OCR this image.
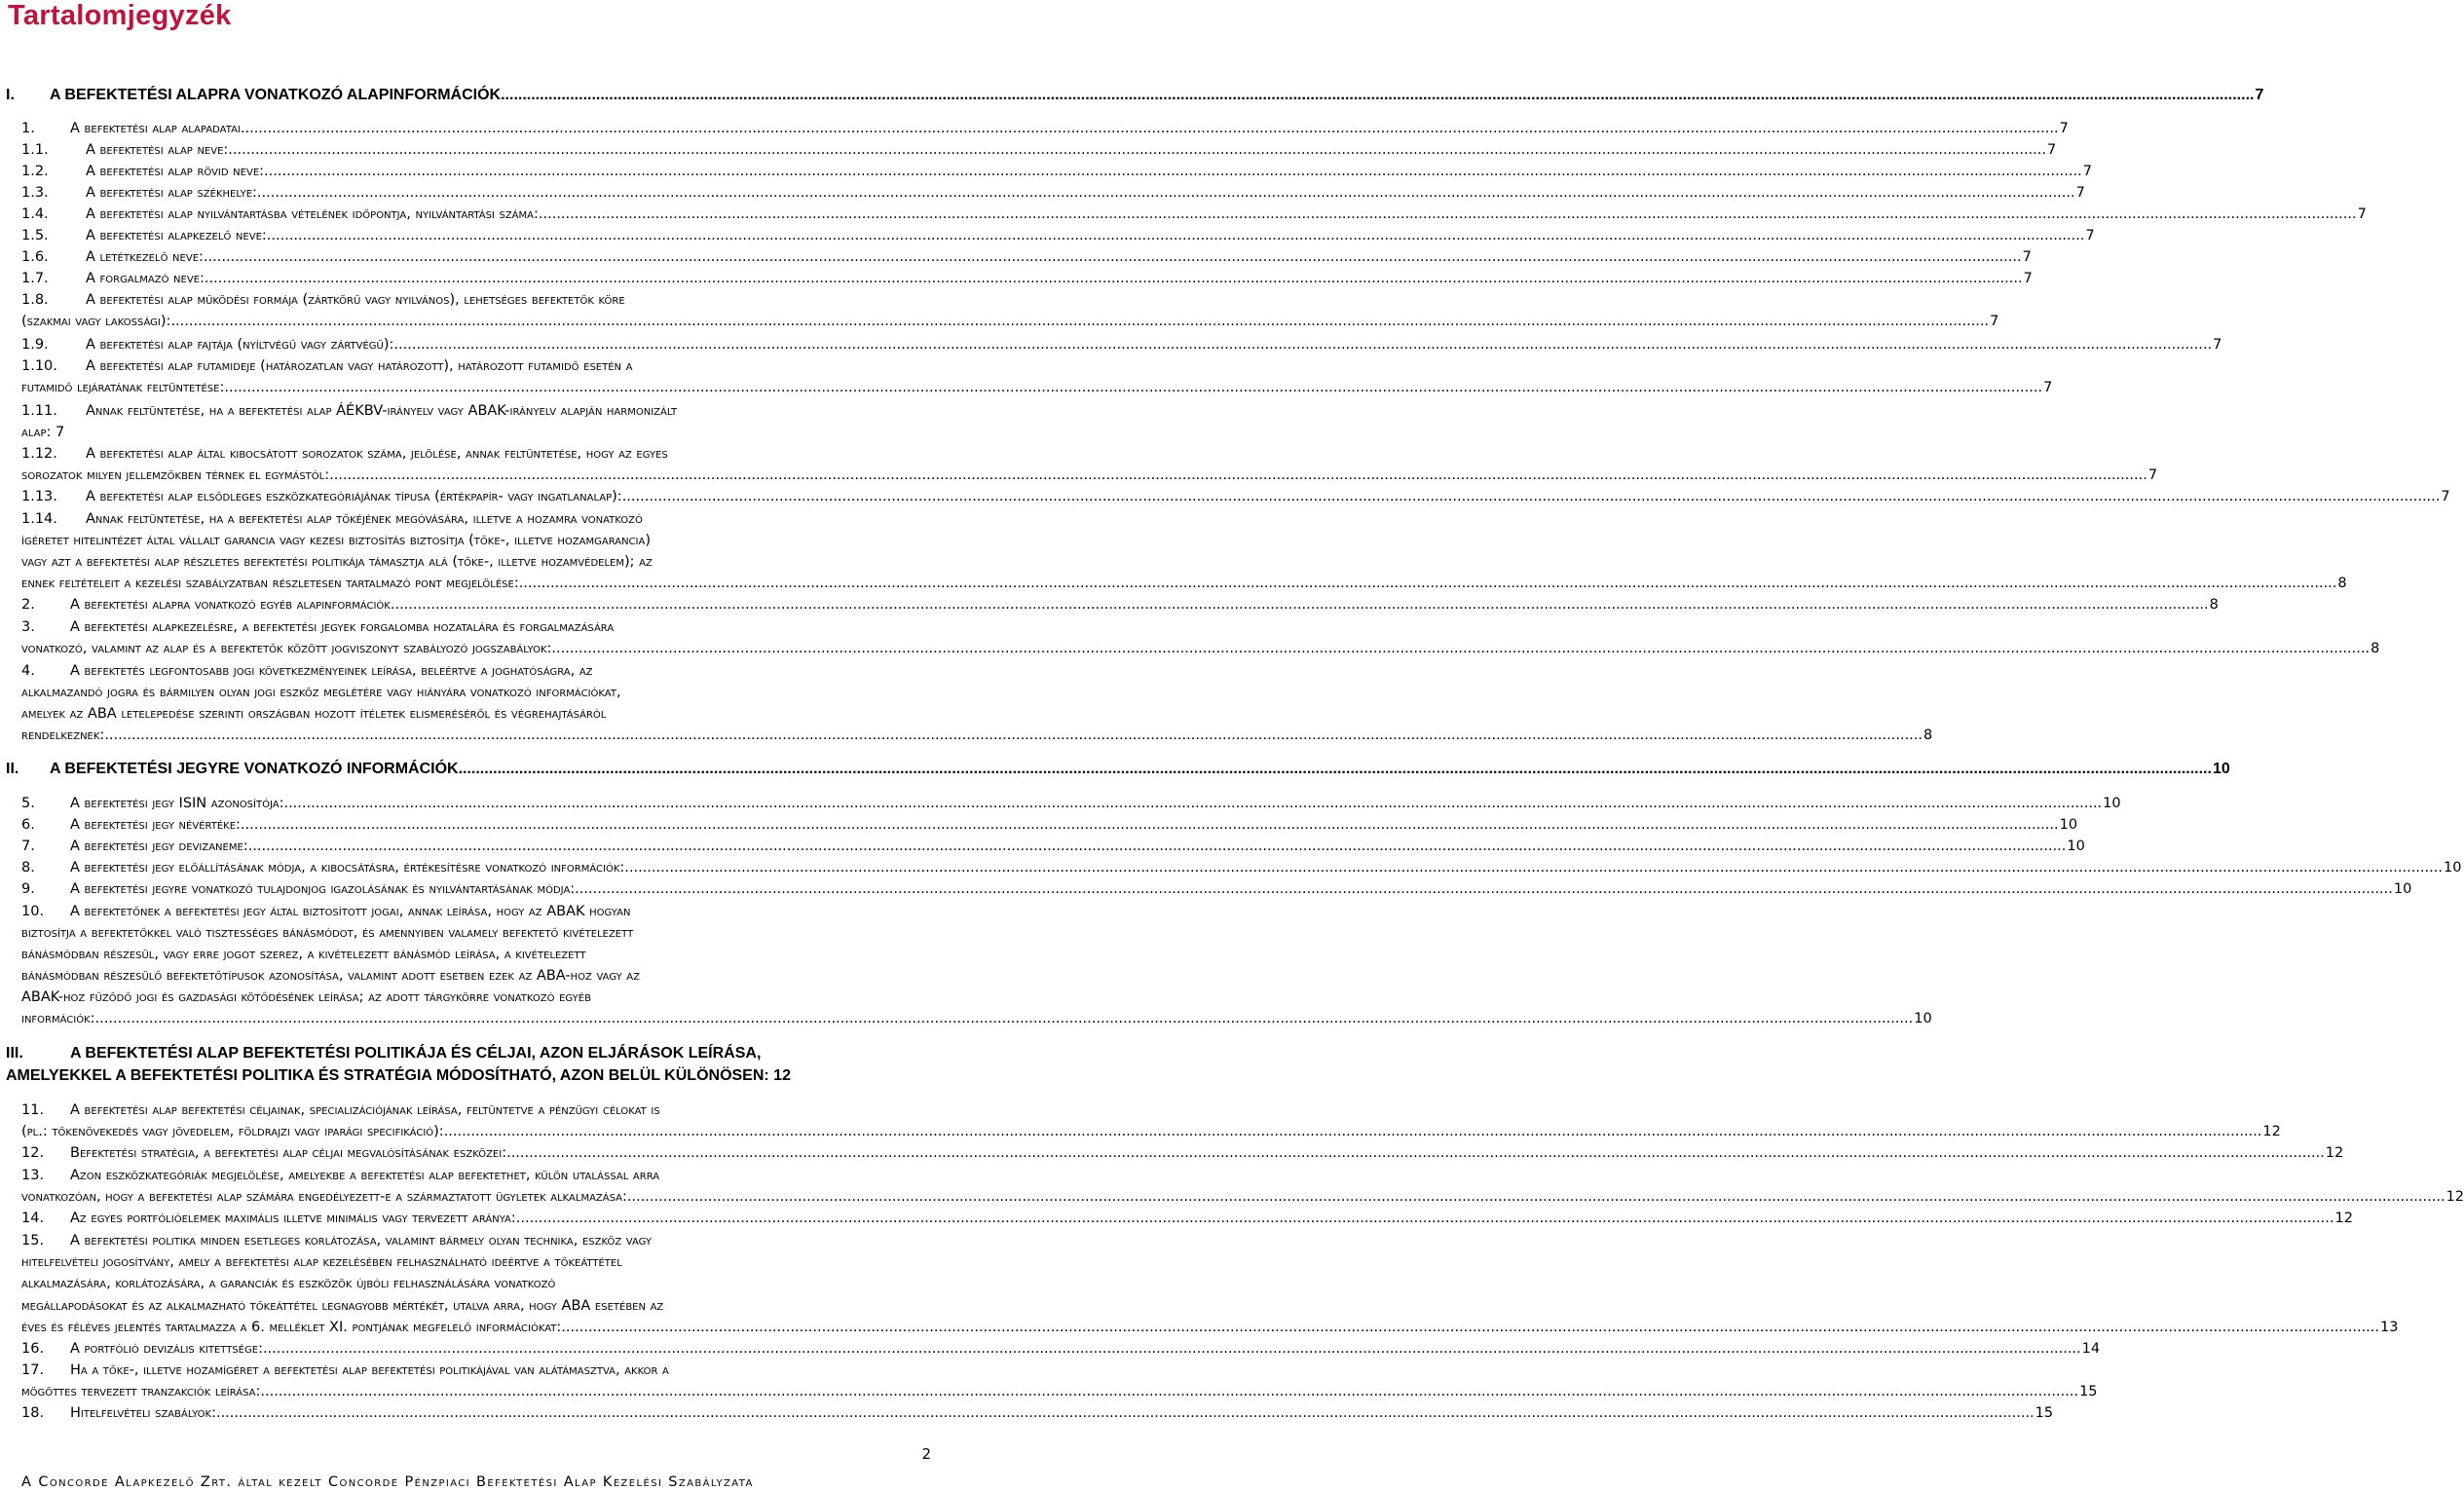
Tartalomjegyzék
I.	A BEFEKTETÉSI ALAPRA VONATKOZÓ ALAPINFORMÁCIÓK .....	7
1.	A befektetési alap alapadatai .....	7
1.1.	A befektetési alap neve: .....	7
1.2.	A befektetési alap rövid neve: .....	7
1.3.	A befektetési alap székhelye: .....	7
1.4.	A befektetési alap nyilvántartásba vételének időpontja, nyilvántartási száma: .....	7
1.5.	A befektetési alapkezelő neve: .....	7
1.6.	A letétkezelő neve: .....	7
1.7.	A forgalmazó neve: .....	7
1.8.	A befektetési alap működési formája (zártkörű vagy nyilvános), lehetséges befektetők köre
(szakmai vagy lakossági): .....	7
1.9.	A befektetési alap fajtája (nyíltvégű vagy zártvégű): .....	7
1.10.	A befektetési alap futamideje (határozatlan vagy határozott), határozott futamidő esetén a
futamidő lejáratának feltüntetése: .....	7
1.11.	Annak feltüntetése, ha a befektetési alap ÁÉKBV-irányelv vagy ABAK-irányelv alapján harmonizált
alap: 7
1.12.	A befektetési alap által kibocsátott sorozatok száma, jelölése, annak feltüntetése, hogy az egyes
sorozatok milyen jellemzőkben térnek el egymástól: .....	7
1.13.	A befektetési alap elsődleges eszközkategóriájának típusa (értékpapír- vagy ingatlanalap): .....	7
1.14.	Annak feltüntetése, ha a befektetési alap tőkéjének megóvására, illetve a hozamra vonatkozó
ígéretet hitelintézet által vállalt garancia vagy kezesi biztosítás biztosítja (tőke-, illetve hozamgarancia)
vagy azt a befektetési alap részletes befektetési politikája támasztja alá (tőke-, illetve hozamvédelem); az
ennek feltételeit a kezelési szabályzatban részletesen tartalmazó pont megjelölése: .....	8
2.	A befektetési alapra vonatkozó egyéb alapinformációk .....	8
3.	A befektetési alapkezelésre, a befektetési jegyek forgalomba hozatalára és forgalmazására
vonatkozó, valamint az alap és a befektetők között jogviszonyt szabályozó jogszabályok: .....	8
4.	A befektetés legfontosabb jogi következményeinek leírása, beleértve a joghatóságra, az
alkalmazandó jogra és bármilyen olyan jogi eszköz meglétére vagy hiányára vonatkozó információkat,
amelyek az ABA letelepedése szerinti országban hozott ítéletek elismeréséről és végrehajtásáról
rendelkeznek: .....	8
II.	A BEFEKTETÉSI JEGYRE VONATKOZÓ INFORMÁCIÓK .....	10
5.	A befektetési jegy ISIN azonosítója: .....	10
6.	A befektetési jegy névértéke: .....	10
7.	A befektetési jegy devizaneme: .....	10
8.	A befektetési jegy előállításának módja, a kibocsátásra, értékesítésre vonatkozó információk: .....	10
9.	A befektetési jegyre vonatkozó tulajdonjog igazolásának és nyilvántartásának módja: .....	10
10.	A befektetőnek a befektetési jegy által biztosított jogai, annak leírása, hogy az ABAK hogyan
biztosítja a befektetőkkel való tisztességes bánásmódot, és amennyiben valamely befektető kivételezett
bánásmódban részesül, vagy erre jogot szerez, a kivételezett bánásmód leírása, a kivételezett
bánásmódban részesülő befektetőtípusok azonosítása, valamint adott esetben ezek az ABA-hoz vagy az
ABAK-hoz fűződő jogi és gazdasági kötődésének leírása; az adott tárgykörre vonatkozó egyéb
információk: .....	10
III.	A BEFEKTETÉSI ALAP BEFEKTETÉSI POLITIKÁJA ÉS CÉLJAI, AZON ELJÁRÁSOK LEÍRÁSA,
AMELYEKKEL A BEFEKTETÉSI POLITIKA ÉS STRATÉGIA MÓDOSÍTHATÓ, AZON BELÜL KÜLÖNÖSEN: 12
11.	A befektetési alap befektetési céljainak, specializációjának leírása, feltüntetve a pénzügyi célokat is
(pl.: tőkenövekedés vagy jövedelem, földrajzi vagy iparági specifikáció): .....	12
12.	Befektetési stratégia, a befektetési alap céljai megvalósításának eszközei: .....	12
13.	Azon eszközkategóriák megjelölése, amelyekbe a befektetési alap befektethet, külön utalással arra
vonatkozóan, hogy a befektetési alap számára engedélyezett-e a származtatott ügyletek alkalmazása: .....	12
14.	Az egyes portfólióelemek maximális illetve minimális vagy tervezett aránya: .....	12
15.	A befektetési politika minden esetleges korlátozása, valamint bármely olyan technika, eszköz vagy
hitelfelvételi jogosítvány, amely a befektetési alap kezelésében felhasználható ideértve a tőkeáttétel
alkalmazására, korlátozására, a garanciák és eszközök újbóli felhasználására vonatkozó
megállapodásokat és az alkalmazható tőkeáttétel legnagyobb mértékét, utalva arra, hogy ABA esetében az
éves és féléves jelentés tartalmazza a 6. melléklet XI. pontjának megfelelő információkat: .....	13
16.	A portfólió devizális kitettsége: .....	14
17.	Ha a tőke-, illetve hozamígéret a befektetési alap befektetési politikájával van alátámasztva, akkor a
mögöttes tervezett tranzakciók leírása: .....	15
18.	Hitelfelvételi szabályok: .....	15
2
A Concorde Alapkezelő Zrt. által kezelt Concorde Pénzpiaci Befektetési Alap Kezelési Szabályzata
